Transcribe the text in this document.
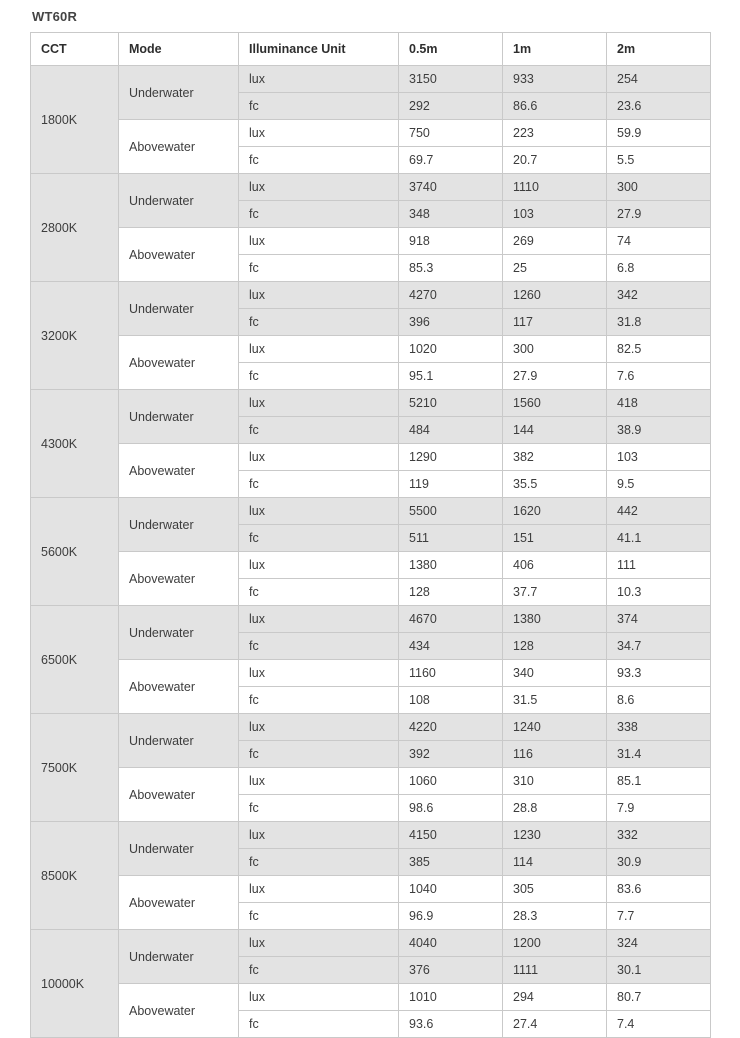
WT60R
CCT	Mode	Illuminance Unit	0.5m	1m	2m
1800K	Underwater	lux	3150	933	254
		fc	292	86.6	23.6
	Abovewater	lux	750	223	59.9
		fc	69.7	20.7	5.5
2800K	Underwater	lux	3740	1110	300
		fc	348	103	27.9
	Abovewater	lux	918	269	74
		fc	85.3	25	6.8
3200K	Underwater	lux	4270	1260	342
		fc	396	117	31.8
	Abovewater	lux	1020	300	82.5
		fc	95.1	27.9	7.6
4300K	Underwater	lux	5210	1560	418
		fc	484	144	38.9
	Abovewater	lux	1290	382	103
		fc	119	35.5	9.5
5600K	Underwater	lux	5500	1620	442
		fc	511	151	41.1
	Abovewater	lux	1380	406	111
		fc	128	37.7	10.3
6500K	Underwater	lux	4670	1380	374
		fc	434	128	34.7
	Abovewater	lux	1160	340	93.3
		fc	108	31.5	8.6
7500K	Underwater	lux	4220	1240	338
		fc	392	116	31.4
	Abovewater	lux	1060	310	85.1
		fc	98.6	28.8	7.9
8500K	Underwater	lux	4150	1230	332
		fc	385	114	30.9
	Abovewater	lux	1040	305	83.6
		fc	96.9	28.3	7.7
10000K	Underwater	lux	4040	1200	324
		fc	376	1111	30.1
	Abovewater	lux	1010	294	80.7
		fc	93.6	27.4	7.4
